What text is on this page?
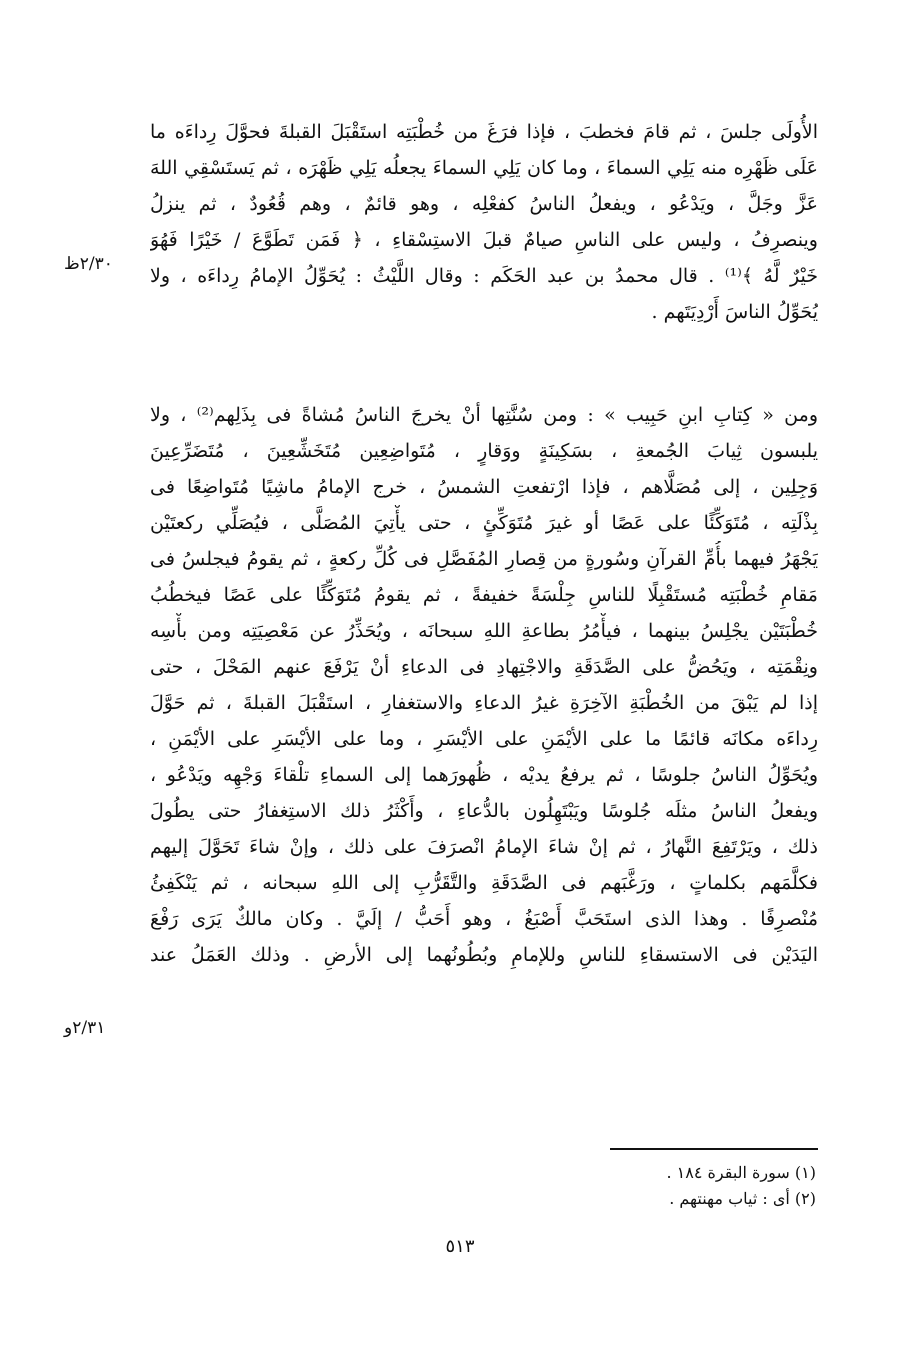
الأُولَى جلسَ ، ثم قامَ فخطبَ ، فإذا فرَغَ من خُطْبَتِه استَقْبَلَ القبلةَ فحوَّلَ رِداءَه ما
عَلَى ظَهْرِه منه يَلِي السماءَ ، وما كان يَلِي السماءَ يجعلُه يَلِي ظَهْرَه ، ثم يَستَسْقِي اللهَ
عَزَّ وجَلَّ ، ويَدْعُو ، ويفعلُ الناسُ كفعْلِه ، وهو قائمٌ ، وهم قُعُودٌ ، ثم ينزلُ
وينصرِفُ ، وليس على الناسِ صيامٌ قبلَ الاستِسْقاءِ ، ﴿ فَمَن تَطَوَّعَ / خَيْرًا فَهُوَ
خَيْرٌ لَّهُ ﴾⁽¹⁾ . قال محمدُ بن عبد الحَكَم : وقال اللَّيْثُ : يُحَوِّلُ الإمامُ رِداءَه ، ولا
يُحَوِّلُ الناسَ أَرْدِيَتَهم .
ومن « كِتابِ ابنِ حَبِيب » : ومن سُنَّتِها أنْ يخرجَ الناسُ مُشاةً فى بِذَلِهم⁽²⁾ ، ولا
يلبسون ثِيابَ الجُمعةِ ، بسَكِينَةٍ ووَقارٍ ، مُتَواضِعِين مُتَخَشِّعِينَ ، مُتَضَرِّعِينَ
وَجِلِين ، إلى مُصَلَّاهم ، فإذا ارْتفعتِ الشمسُ ، خرج الإمامُ ماشِيًا مُتَواضِعًا فى
بِذْلَتِه ، مُتَوَكِّئًا على عَصًا أو غيرَ مُتَوَكِّئٍ ، حتى يأْتِيَ المُصَلَّى ، فيُصَلِّي ركعتَيْن
يَجْهَرُ فيهما بأُمِّ القرآنِ وسُورةٍ من قِصارِ المُفَصَّلِ فى كُلِّ ركعةٍ ، ثم يقومُ فيجلسُ فى
مَقامِ خُطْبَتِه مُستَقْبِلًا للناسِ جِلْسَةً خفيفةً ، ثم يقومُ مُتَوَكِّئًا على عَصًا فيخطُبُ
خُطْبَتَيْن يجْلِسُ بينهما ، فيأْمُرُ بطاعةِ اللهِ سبحانَه ، ويُحَذِّرُ عن مَعْصِيَتِه ومن بأْسِه
ونِقْمَتِه ، ويَحُضُّ على الصَّدَقَةِ والاجْتِهادِ فى الدعاءِ أنْ يَرْفَعَ عنهم المَحْلَ ، حتى
إذا لم يَبْقَ من الخُطْبَةِ الآخِرَةِ غيرُ الدعاءِ والاستغفارِ ، استَقْبَلَ القبلةَ ، ثم حَوَّلَ
رِداءَه مكانَه قائمًا ما على الأيْمَنِ على الأيْسَرِ ، وما على الأيْسَرِ على الأيْمَنِ ،
ويُحَوِّلُ الناسُ جلوسًا ، ثم يرفعُ يديْه ، ظُهورَهما إلى السماءِ تلْقاءَ وَجْهِه ويَدْعُو ،
ويفعلُ الناسُ مثلَه جُلوسًا ويَبْتَهِلُون بالدُّعاءِ ، وأَكْثَرُ ذلك الاستِغفارُ حتى يطُولَ
ذلك ، ويَرْتَفِعَ النَّهارُ ، ثم إنْ شاءَ الإمامُ انْصرَفَ على ذلك ، وإنْ شاءَ تَحَوَّلَ إليهم
فكلَّمَهم بكلماتٍ ، ورَغَّبَهم فى الصَّدَقَةِ والتَّقَرُّبِ إلى اللهِ سبحانه ، ثم يَنْكَفِئُ
مُنْصرِفًا . وهذا الذى استَحَبَّ أَصْبَغُ ، وهو أَحَبُّ / إلَيَّ . وكان مالكٌ يَرَى رَفْعَ
اليَدَيْن فى الاستسقاءِ للناسِ وللإمامِ وبُطُونُهما إلى الأرضِ . وذلك العَمَلُ عند
٢/٣٠ظ
٢/٣١و
(١) سورة البقرة ١٨٤ .
(٢) أى : ثياب مهنتهم .
٥١٣
